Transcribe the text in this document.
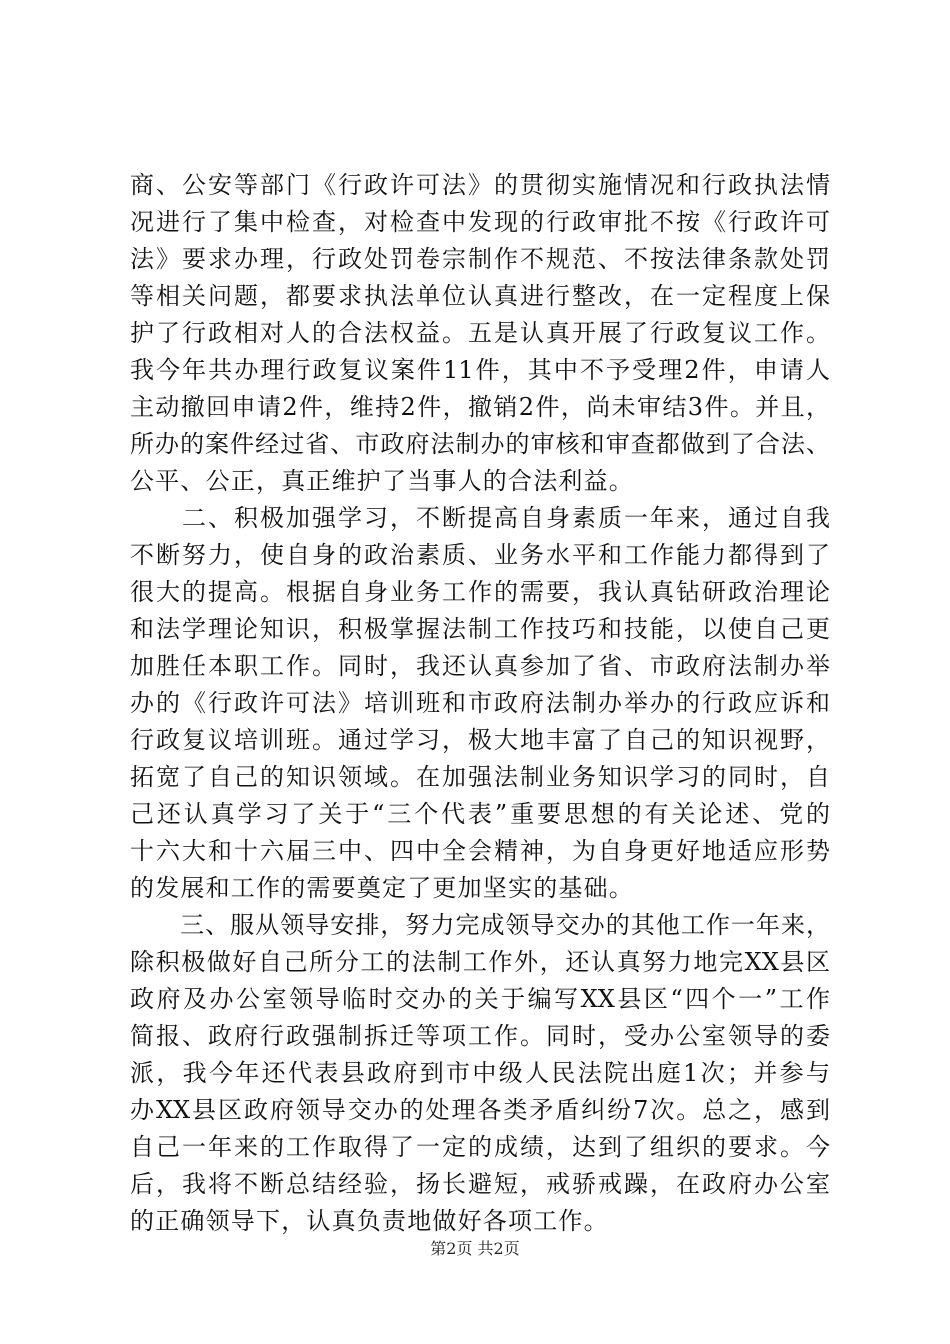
商、公安等部门《行政许可法》的贯彻实施情况和行政执法情
况进行了集中检查，对检查中发现的行政审批不按《行政许可
法》要求办理，行政处罚卷宗制作不规范、不按法律条款处罚
等相关问题，都要求执法单位认真进行整改，在一定程度上保
护了行政相对人的合法权益。五是认真开展了行政复议工作。
我今年共办理行政复议案件11件，其中不予受理2件，申请人
主动撤回申请2件，维持2件，撤销2件，尚未审结3件。并且，
所办的案件经过省、市政府法制办的审核和审查都做到了合法、
公平、公正，真正维护了当事人的合法利益。
　　二、积极加强学习，不断提高自身素质一年来，通过自我
不断努力，使自身的政治素质、业务水平和工作能力都得到了
很大的提高。根据自身业务工作的需要，我认真钻研政治理论
和法学理论知识，积极掌握法制工作技巧和技能，以使自己更
加胜任本职工作。同时，我还认真参加了省、市政府法制办举
办的《行政许可法》培训班和市政府法制办举办的行政应诉和
行政复议培训班。通过学习，极大地丰富了自己的知识视野，
拓宽了自己的知识领域。在加强法制业务知识学习的同时，自
己还认真学习了关于“三个代表”重要思想的有关论述、党的
十六大和十六届三中、四中全会精神，为自身更好地适应形势
的发展和工作的需要奠定了更加坚实的基础。
　　三、服从领导安排，努力完成领导交办的其他工作一年来，
除积极做好自己所分工的法制工作外，还认真努力地完XX县区
政府及办公室领导临时交办的关于编写XX县区“四个一”工作
简报、政府行政强制拆迁等项工作。同时，受办公室领导的委
派，我今年还代表县政府到市中级人民法院出庭1次；并参与
办XX县区政府领导交办的处理各类矛盾纠纷7次。总之，感到
自己一年来的工作取得了一定的成绩，达到了组织的要求。今
后，我将不断总结经验，扬长避短，戒骄戒躁，在政府办公室
的正确领导下，认真负责地做好各项工作。
第2页 共2页
